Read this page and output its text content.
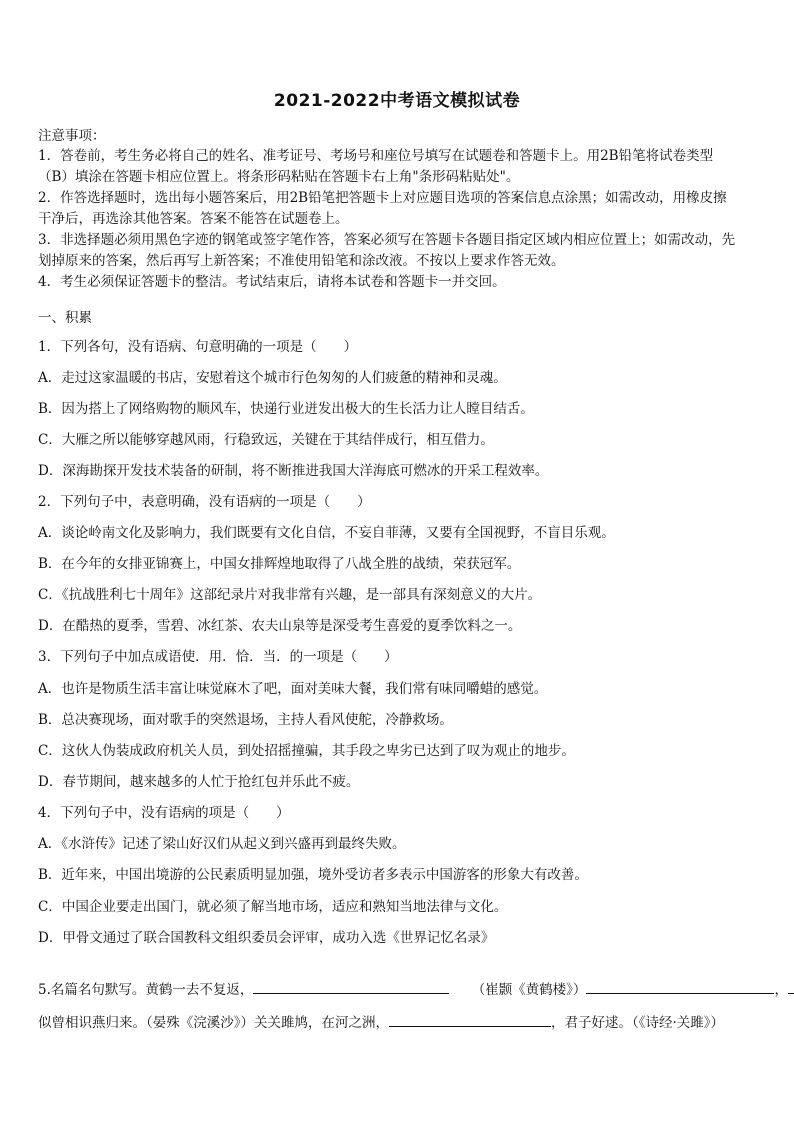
2021-2022中考语文模拟试卷
注意事项：
1．答卷前，考生务必将自己的姓名、准考证号、考场号和座位号填写在试题卷和答题卡上。用2B铅笔将试卷类型
（B）填涂在答题卡相应位置上。将条形码粘贴在答题卡右上角"条形码粘贴处"。
2．作答选择题时，选出每小题答案后，用2B铅笔把答题卡上对应题目选项的答案信息点涂黑；如需改动，用橡皮擦
干净后，再选涂其他答案。答案不能答在试题卷上。
3．非选择题必须用黑色字迹的钢笔或签字笔作答，答案必须写在答题卡各题目指定区域内相应位置上；如需改动，先
划掉原来的答案，然后再写上新答案；不准使用铅笔和涂改液。不按以上要求作答无效。
4．考生必须保证答题卡的整洁。考试结束后，请将本试卷和答题卡一并交回。
一、积累
1．下列各句，没有语病、句意明确的一项是（　　）
A．走过这家温暖的书店，安慰着这个城市行色匆匆的人们疲惫的精神和灵魂。
B．因为搭上了网络购物的顺风车，快递行业迸发出极大的生长活力让人瞠目结舌。
C．大雁之所以能够穿越风雨，行稳致远，关键在于其结伴成行，相互借力。
D．深海勘探开发技术装备的研制，将不断推进我国大洋海底可燃冰的开采工程效率。
2．下列句子中，表意明确，没有语病的一项是（　　）
A．谈论岭南文化及影响力，我们既要有文化自信，不妄自菲薄，又要有全国视野，不盲目乐观。
B．在今年的女排亚锦赛上，中国女排辉煌地取得了八战全胜的战绩，荣获冠军。
C．《抗战胜利七十周年》这部纪录片对我非常有兴趣，是一部具有深刻意义的大片。
D．在酷热的夏季，雪碧、冰红茶、农夫山泉等是深受考生喜爱的夏季饮料之一。
3．下列句子中加点成语使．用．恰．当．的一项是（　　）
A．也许是物质生活丰富让味觉麻木了吧，面对美味大餐，我们常有味同嚼蜡的感觉。
B．总决赛现场，面对歌手的突然退场，主持人看风使舵，冷静救场。
C．这伙人伪装成政府机关人员，到处招摇撞骗，其手段之卑劣已达到了叹为观止的地步。
D．春节期间，越来越多的人忙于抢红包并乐此不疲。
4．下列句子中，没有语病的项是（　　）
A．《水浒传》记述了梁山好汉们从起义到兴盛再到最终失败。
B．近年来，中国出境游的公民素质明显加强，境外受访者多表示中国游客的形象大有改善。
C．中国企业要走出国门，就必须了解当地市场，适应和熟知当地法律与文化。
D．甲骨文通过了联合国教科文组织委员会评审，成功入选《世界记忆名录》
5.名篇名句默写。黄鹤一去不复返，	（崔颢《黄鹤楼》）	，
似曾相识燕归来。（晏殊《浣溪沙》）关关雎鸠，在河之洲，	，君子好逑。（《诗经·关雎》）
